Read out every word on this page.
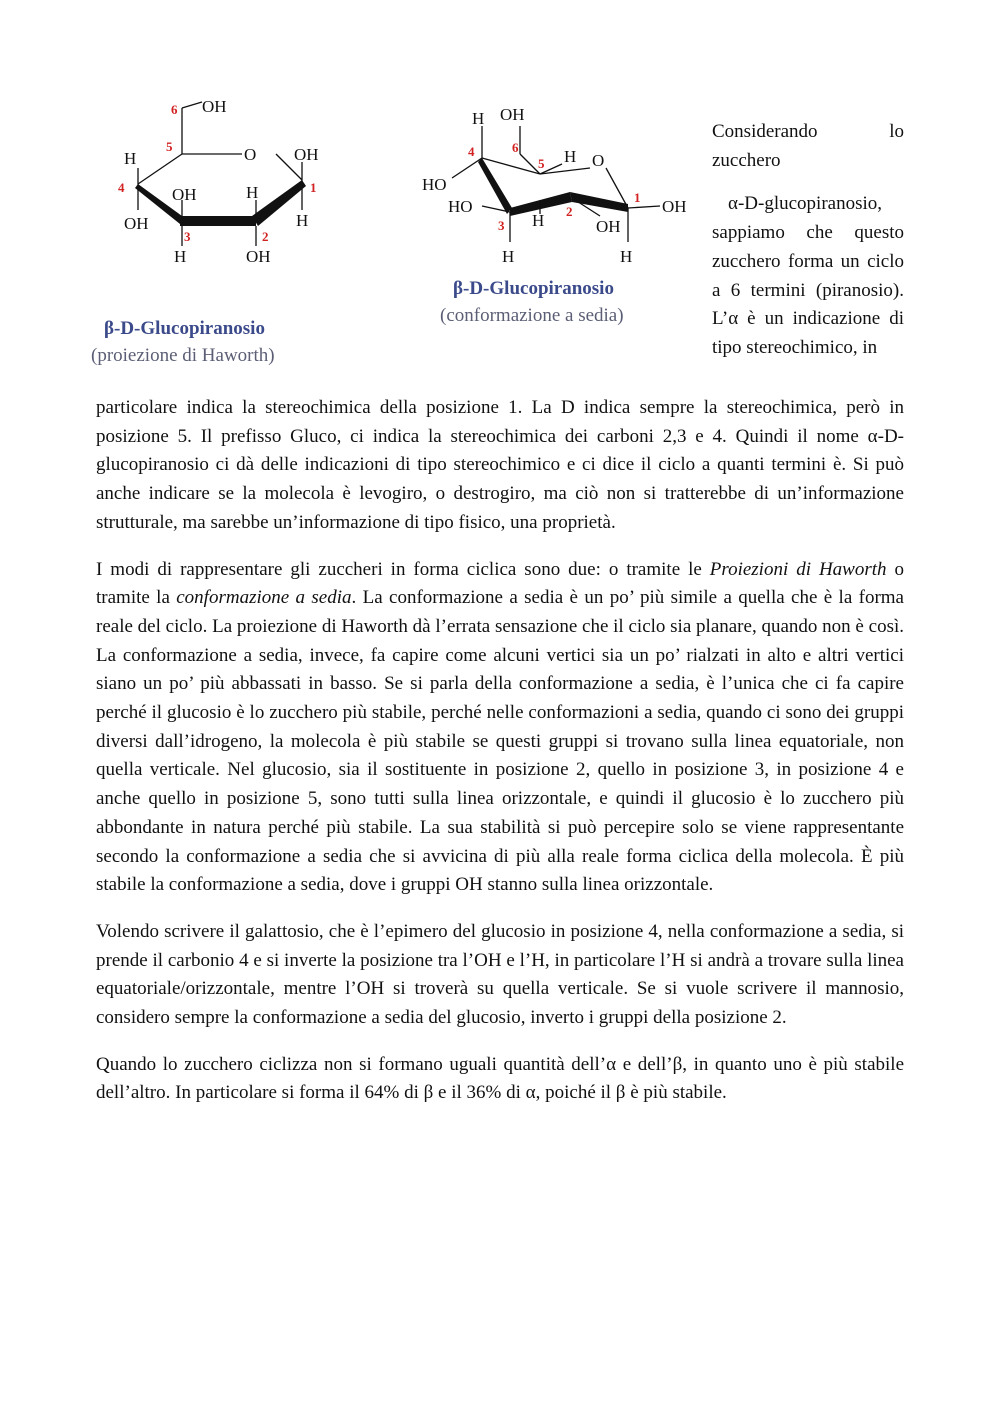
OH
H	O OH
OH	H
OH	H
H	OH
6
5
4
3	2
1
β-D-Glucopiranosio
(proiezione di Haworth)
H OH
HO
HO
H O
OH
H	OH
H	H
4	6
5
3
2
1
β-D-Glucopiranosio
(conformazione a sedia)

Considerando lo

zucchero

α-D-glucopiranosio, sappiamo che questo zucchero forma un ciclo a 6 termini (piranosio). L’α è un indicazione di tipo stereochimico, in

particolare indica la stereochimica della posizione 1. La D indica sempre la stereochimica, però in posizione 5. Il prefisso Gluco, ci indica la stereochimica dei carboni 2,3 e 4. Quindi il nome α-D-glucopiranosio ci dà delle indicazioni di tipo stereochimico e ci dice il ciclo a quanti termini è. Si può anche indicare se la molecola è levogiro, o destrogiro, ma ciò non si tratterebbe di un’informazione strutturale, ma sarebbe un’informazione di tipo fisico, una proprietà.

I modi di rappresentare gli zuccheri in forma ciclica sono due: o tramite le Proiezioni di Haworth o tramite la conformazione a sedia. La conformazione a sedia è un po’ più simile a quella che è la forma reale del ciclo. La proiezione di Haworth dà l’errata sensazione che il ciclo sia planare, quando non è così. La conformazione a sedia, invece, fa capire come alcuni vertici sia un po’ rialzati in alto e altri vertici siano un po’ più abbassati in basso. Se si parla della conformazione a sedia, è l’unica che ci fa capire perché il glucosio è lo zucchero più stabile, perché nelle conformazioni a sedia, quando ci sono dei gruppi diversi dall’idrogeno, la molecola è più stabile se questi gruppi si trovano sulla linea equatoriale, non quella verticale. Nel glucosio, sia il sostituente in posizione 2, quello in posizione 3, in posizione 4 e anche quello in posizione 5, sono tutti sulla linea orizzontale, e quindi il glucosio è lo zucchero più abbondante in natura perché più stabile. La sua stabilità si può percepire solo se viene rappresentante secondo la conformazione a sedia che si avvicina di più alla reale forma ciclica della molecola. È più stabile la conformazione a sedia, dove i gruppi OH stanno sulla linea orizzontale.

Volendo scrivere il galattosio, che è l’epimero del glucosio in posizione 4, nella conformazione a sedia, si prende il carbonio 4 e si inverte la posizione tra l’OH e l’H, in particolare l’H si andrà a trovare sulla linea equatoriale/orizzontale, mentre l’OH si troverà su quella verticale. Se si vuole scrivere il mannosio, considero sempre la conformazione a sedia del glucosio, inverto i gruppi della posizione 2.

Quando lo zucchero ciclizza non si formano uguali quantità dell’α e dell’β, in quanto uno è più stabile dell’altro. In particolare si forma il 64% di β e il 36% di α, poiché il β è più stabile.
